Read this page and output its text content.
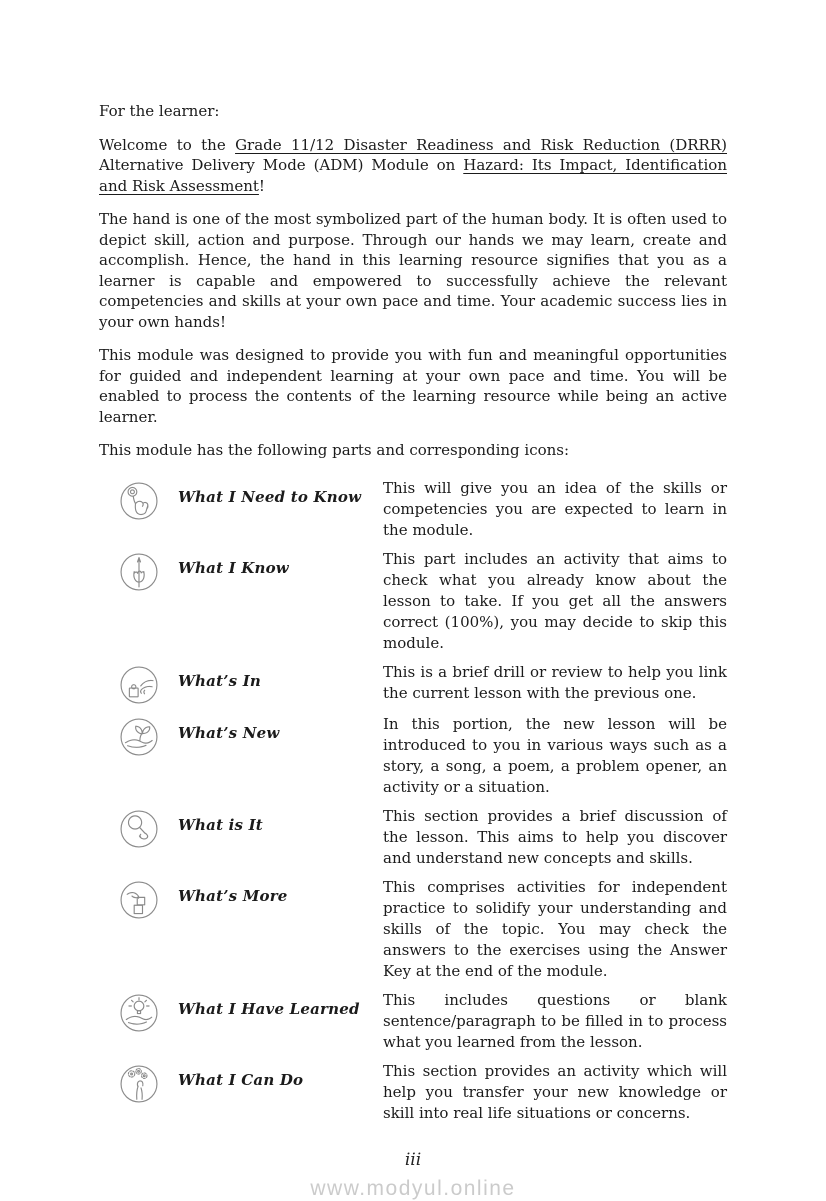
For the learner:

Welcome to the Grade 11/12 Disaster Readiness and Risk Reduction (DRRR) Alternative Delivery Mode (ADM) Module on Hazard: Its Impact, Identification and Risk Assessment!

The hand is one of the most symbolized part of the human body. It is often used to depict skill, action and purpose. Through our hands we may learn, create and accomplish. Hence, the hand in this learning resource signifies that you as a learner is capable and empowered to successfully achieve the relevant competencies and skills at your own pace and time. Your academic success lies in your own hands!

This module was designed to provide you with fun and meaningful opportunities for guided and independent learning at your own pace and time. You will be enabled to process the contents of the learning resource while being an active learner.

This module has the following parts and corresponding icons:

What I Need to Know	This will give you an idea of the skills or competencies you are expected to learn in the module.
What I Know	This part includes an activity that aims to check what you already know about the lesson to take. If you get all the answers correct (100%), you may decide to skip this module.
What’s In	This is a brief drill or review to help you link the current lesson with the previous one.
What’s New	In this portion, the new lesson will be introduced to you in various ways such as a story, a song, a poem, a problem opener, an activity or a situation.
What is It	This section provides a brief discussion of the lesson. This aims to help you discover and understand new concepts and skills.
What’s More	This comprises activities for independent practice to solidify your understanding and skills of the topic. You may check the answers to the exercises using the Answer Key at the end of the module.
What I Have Learned	This includes questions or blank sentence/paragraph to be filled in to process what you learned from the lesson.
What I Can Do	This section provides an activity which will help you transfer your new knowledge or skill into real life situations or concerns.
iii
www.modyul.online
